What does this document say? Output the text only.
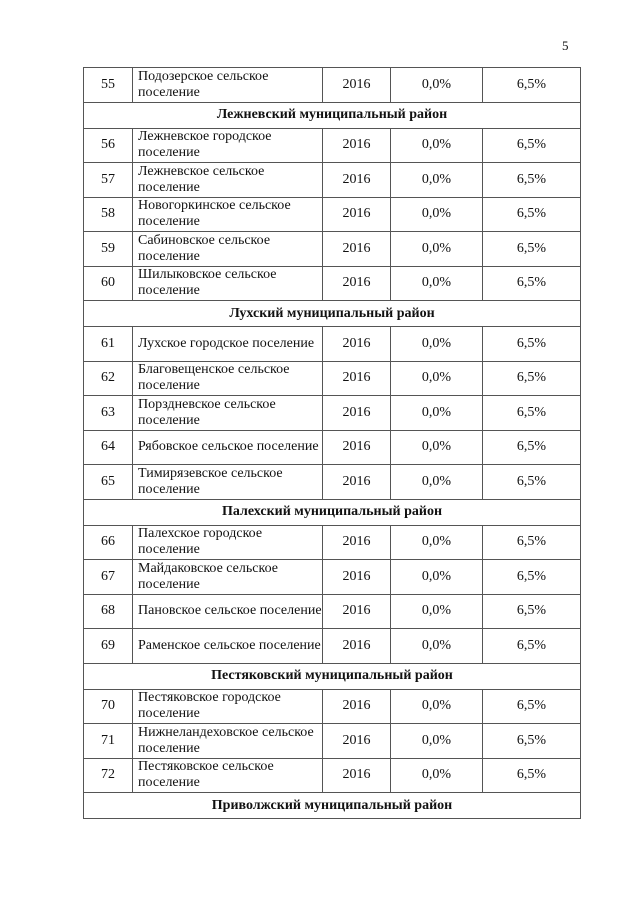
5
55	Подозерское сельское поселение	2016	0,0%	6,5%
Лежневский муниципальный район				
56	Лежневское городское поселение	2016	0,0%	6,5%
57	Лежневское сельское поселение	2016	0,0%	6,5%
58	Новогоркинское сельское поселение	2016	0,0%	6,5%
59	Сабиновское сельское поселение	2016	0,0%	6,5%
60	Шилыковское сельское поселение	2016	0,0%	6,5%
Лухский муниципальный район				
61	Лухское городское поселение	2016	0,0%	6,5%
62	Благовещенское сельское поселение	2016	0,0%	6,5%
63	Порздневское сельское поселение	2016	0,0%	6,5%
64	Рябовское сельское поселение	2016	0,0%	6,5%
65	Тимирязевское сельское поселение	2016	0,0%	6,5%
Палехский муниципальный район				
66	Палехское городское поселение	2016	0,0%	6,5%
67	Майдаковское сельское поселение	2016	0,0%	6,5%
68	Пановское сельское поселение	2016	0,0%	6,5%
69	Раменское сельское поселение	2016	0,0%	6,5%
Пестяковский муниципальный район				
70	Пестяковское городское поселение	2016	0,0%	6,5%
71	Нижнеландеховское сельское поселение	2016	0,0%	6,5%
72	Пестяковское сельское поселение	2016	0,0%	6,5%
Приволжский муниципальный район				
